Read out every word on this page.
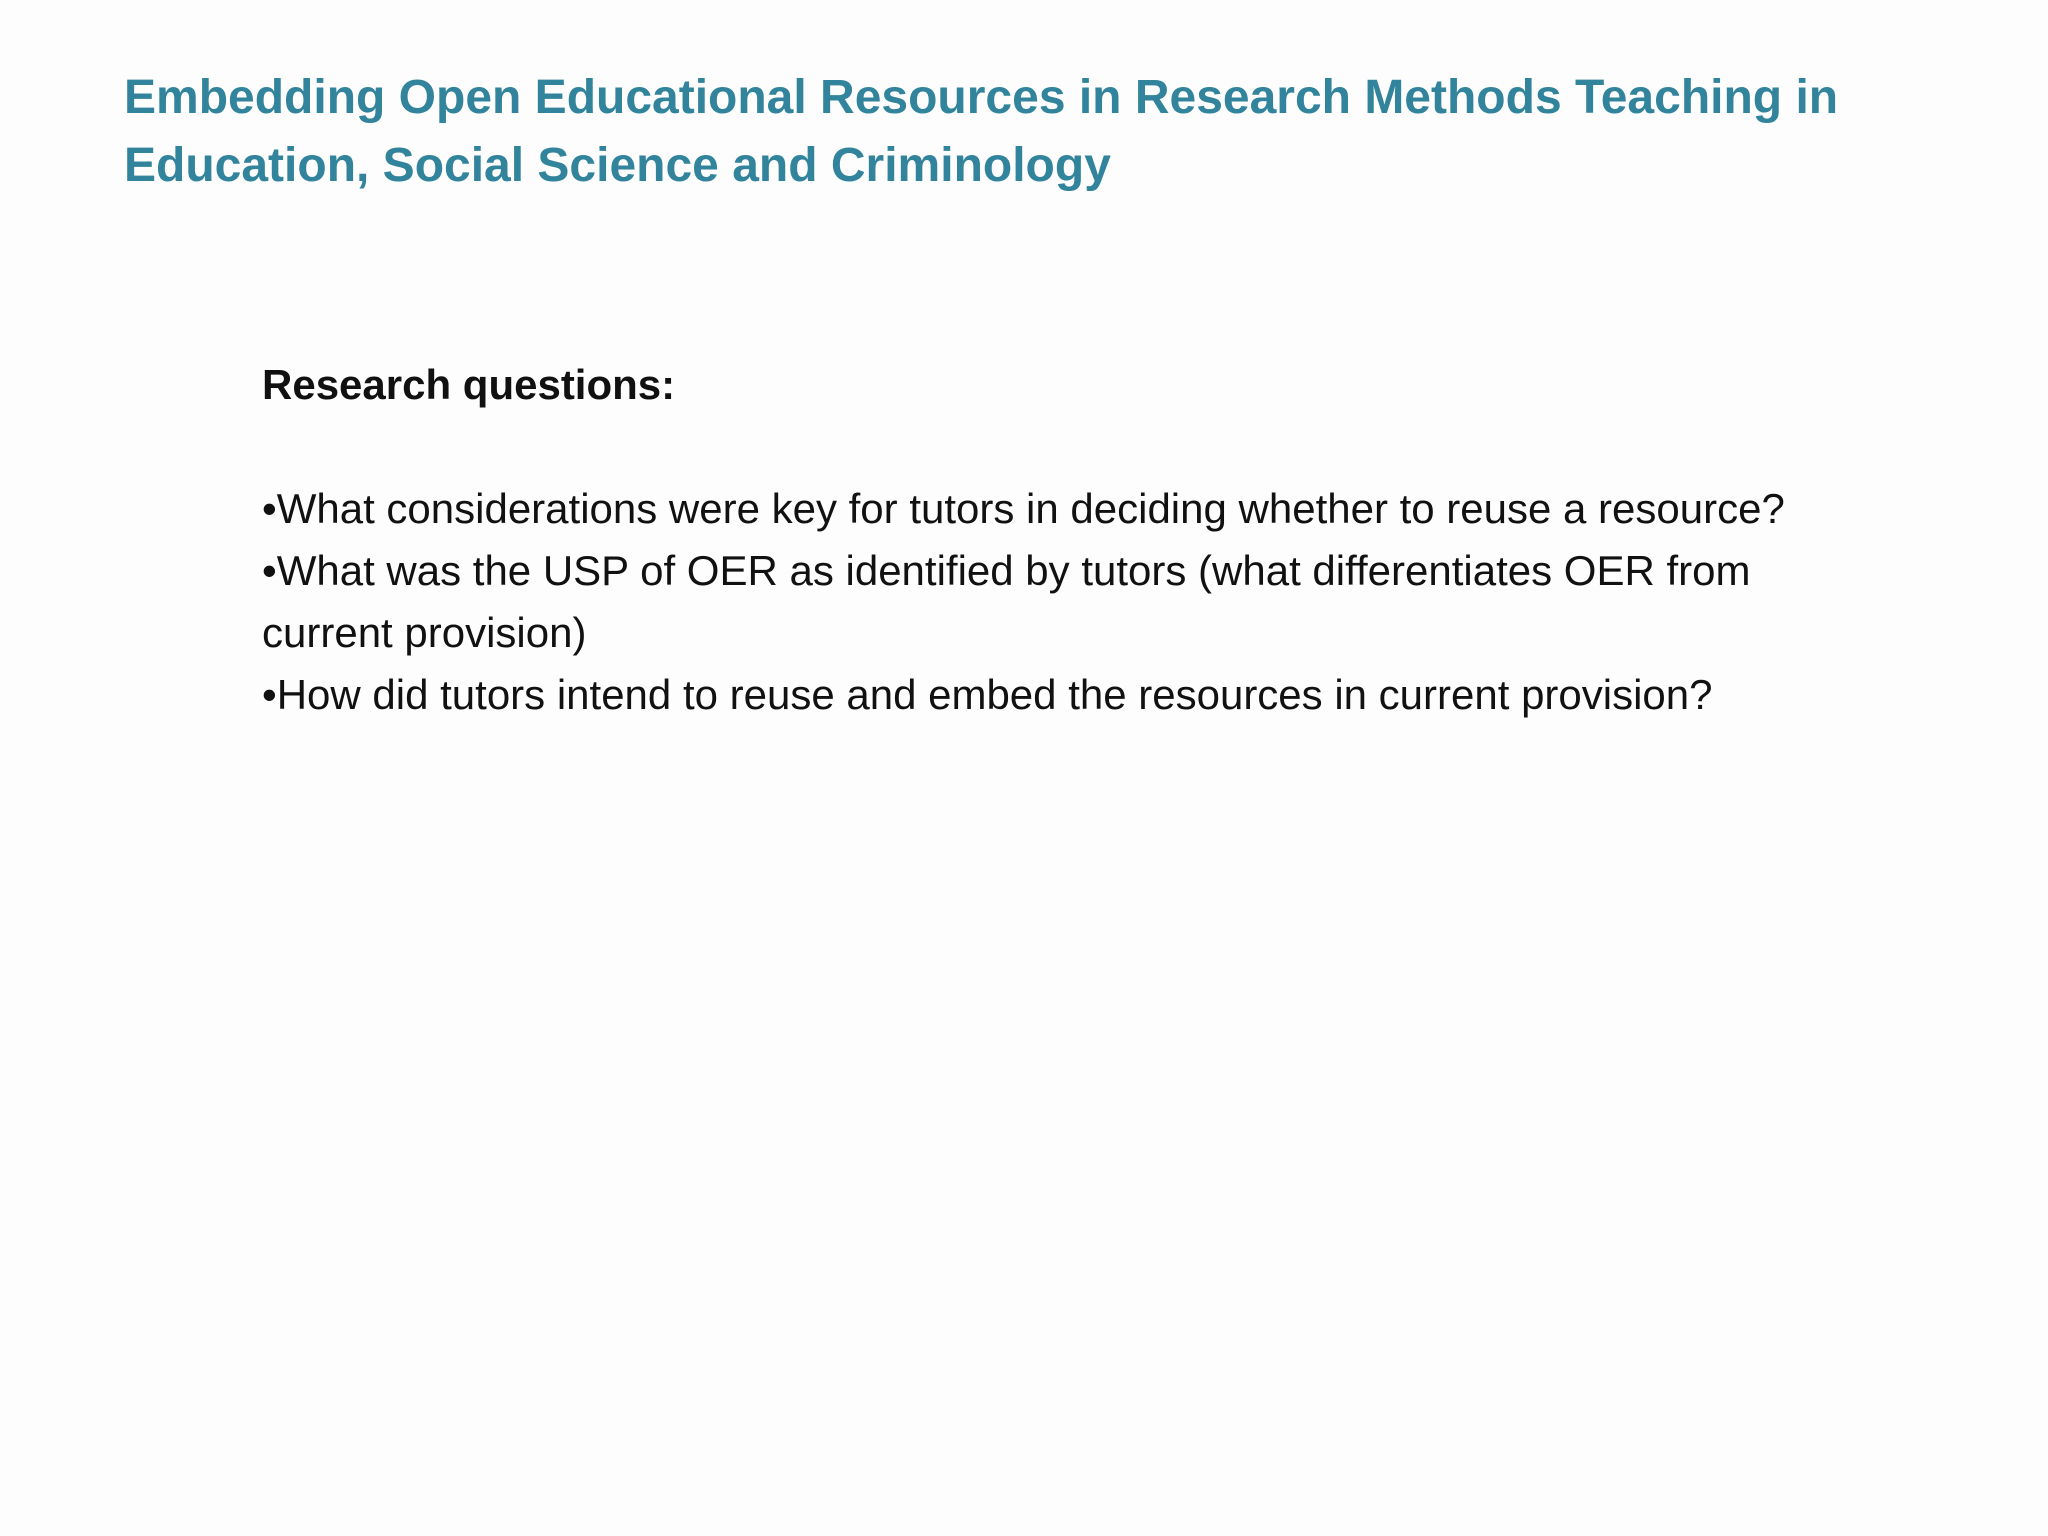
Embedding Open Educational Resources in Research Methods Teaching in Education, Social Science and Criminology

Research questions:

•What considerations were key for tutors in deciding whether to reuse a resource?
•What was the USP of OER as identified by tutors (what differentiates OER from current provision)
•How did tutors intend to reuse and embed the resources in current provision?
